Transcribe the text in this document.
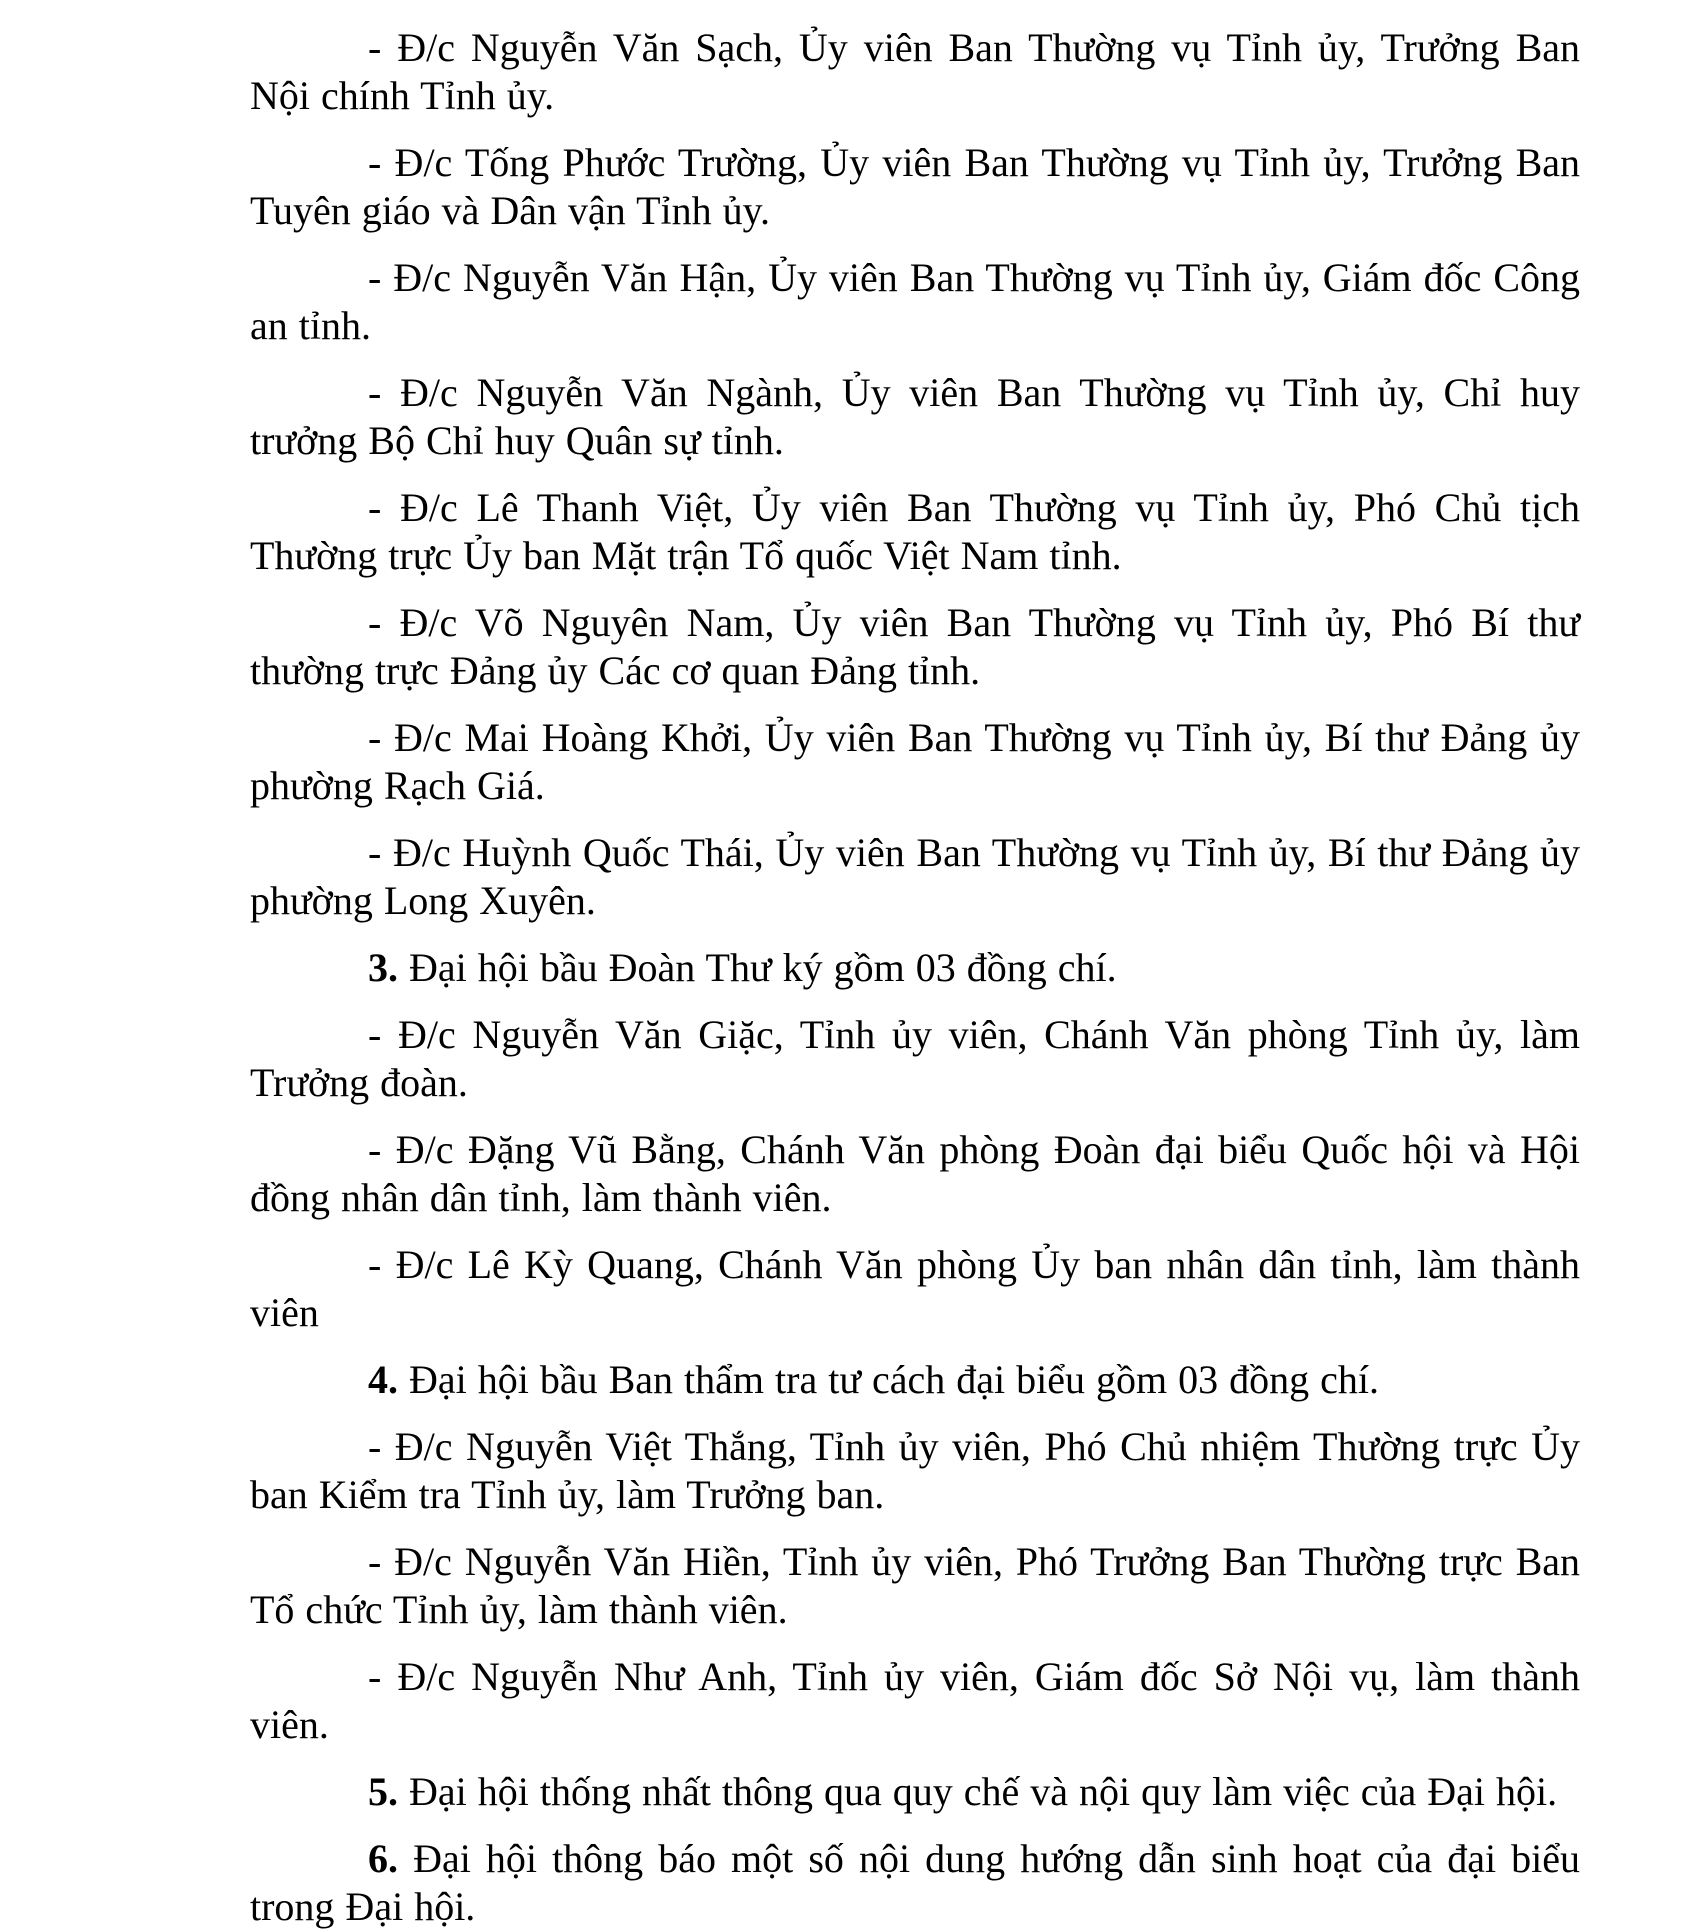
- Đ/c Nguyễn Văn Sạch, Ủy viên Ban Thường vụ Tỉnh ủy, Trưởng Ban Nội chính Tỉnh ủy.

- Đ/c Tống Phước Trường, Ủy viên Ban Thường vụ Tỉnh ủy, Trưởng Ban Tuyên giáo và Dân vận Tỉnh ủy.

- Đ/c Nguyễn Văn Hận, Ủy viên Ban Thường vụ Tỉnh ủy, Giám đốc Công an tỉnh.

- Đ/c Nguyễn Văn Ngành, Ủy viên Ban Thường vụ Tỉnh ủy, Chỉ huy trưởng Bộ Chỉ huy Quân sự tỉnh.

- Đ/c Lê Thanh Việt, Ủy viên Ban Thường vụ Tỉnh ủy, Phó Chủ tịch Thường trực Ủy ban Mặt trận Tổ quốc Việt Nam tỉnh.

- Đ/c Võ Nguyên Nam, Ủy viên Ban Thường vụ Tỉnh ủy, Phó Bí thư thường trực Đảng ủy Các cơ quan Đảng tỉnh.

- Đ/c Mai Hoàng Khởi, Ủy viên Ban Thường vụ Tỉnh ủy, Bí thư Đảng ủy phường Rạch Giá.

- Đ/c Huỳnh Quốc Thái, Ủy viên Ban Thường vụ Tỉnh ủy, Bí thư Đảng ủy phường Long Xuyên.

3. Đại hội bầu Đoàn Thư ký gồm 03 đồng chí.

- Đ/c Nguyễn Văn Giặc, Tỉnh ủy viên, Chánh Văn phòng Tỉnh ủy, làm Trưởng đoàn.

- Đ/c Đặng Vũ Bằng, Chánh Văn phòng Đoàn đại biểu Quốc hội và Hội đồng nhân dân tỉnh, làm thành viên.

- Đ/c Lê Kỳ Quang, Chánh Văn phòng Ủy ban nhân dân tỉnh, làm thành viên

4. Đại hội bầu Ban thẩm tra tư cách đại biểu gồm 03 đồng chí.

- Đ/c Nguyễn Việt Thắng, Tỉnh ủy viên, Phó Chủ nhiệm Thường trực Ủy ban Kiểm tra Tỉnh ủy, làm Trưởng ban.

- Đ/c Nguyễn Văn Hiền, Tỉnh ủy viên, Phó Trưởng Ban Thường trực Ban Tổ chức Tỉnh ủy, làm thành viên.

- Đ/c Nguyễn Như Anh, Tỉnh ủy viên, Giám đốc Sở Nội vụ, làm thành viên.

5. Đại hội thống nhất thông qua quy chế và nội quy làm việc của Đại hội.

6. Đại hội thông báo một số nội dung hướng dẫn sinh hoạt của đại biểu trong Đại hội.
